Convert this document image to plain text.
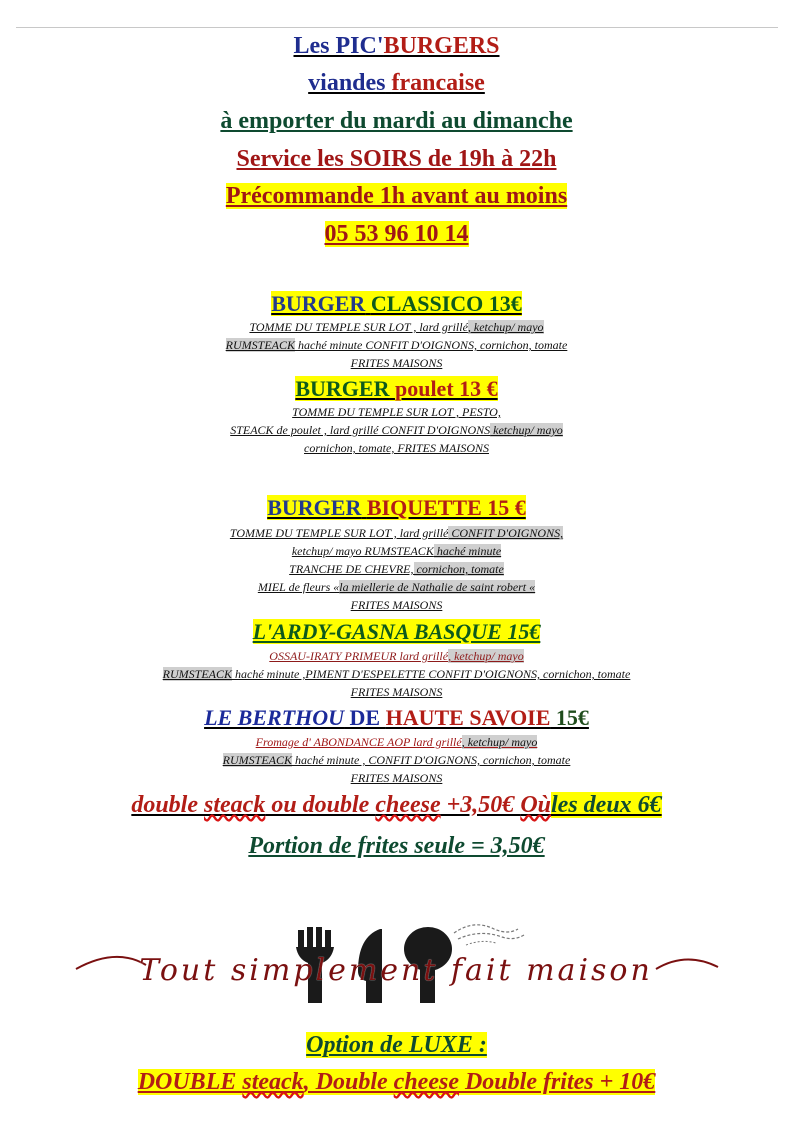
Les PIC'BURGERS
viandes francaise
à emporter du mardi au dimanche
Service les SOIRS de 19h à 22h
Précommande 1h avant au moins
05 53 96 10 14
BURGER CLASSICO 13€
TOMME DU TEMPLE SUR LOT , lard grillé, ketchup/ mayo
RUMSTEACK haché minute CONFIT D'OIGNONS, cornichon, tomate
FRITES MAISONS
BURGER poulet 13 €
TOMME DU TEMPLE SUR LOT , PESTO,
STEACK de poulet , lard grillé CONFIT D'OIGNONS ketchup/ mayo
cornichon, tomate, FRITES MAISONS
BURGER BIQUETTE 15 €
TOMME DU TEMPLE SUR LOT , lard grillé CONFIT D'OIGNONS,
ketchup/ mayo RUMSTEACK haché minute
TRANCHE DE CHEVRE, cornichon, tomate
MIEL de fleurs «la miellerie de Nathalie de saint robert «
FRITES MAISONS
L'ARDY-GASNA BASQUE 15€
OSSAU-IRATY PRIMEUR lard grillé, ketchup/ mayo
RUMSTEACK haché minute ,PIMENT D'ESPELETTE CONFIT D'OIGNONS, cornichon, tomate
FRITES MAISONS
LE BERTHOU DE HAUTE SAVOIE 15€
Fromage d' ABONDANCE AOP lard grillé, ketchup/ mayo
RUMSTEACK haché minute , CONFIT D'OIGNONS, cornichon, tomate
FRITES MAISONS
double steack ou double cheese +3,50€ Oùles deux 6€
Portion de frites seule = 3,50€
Tout simplement fait maison
Option de LUXE :
DOUBLE steack, Double cheese Double frites + 10€
